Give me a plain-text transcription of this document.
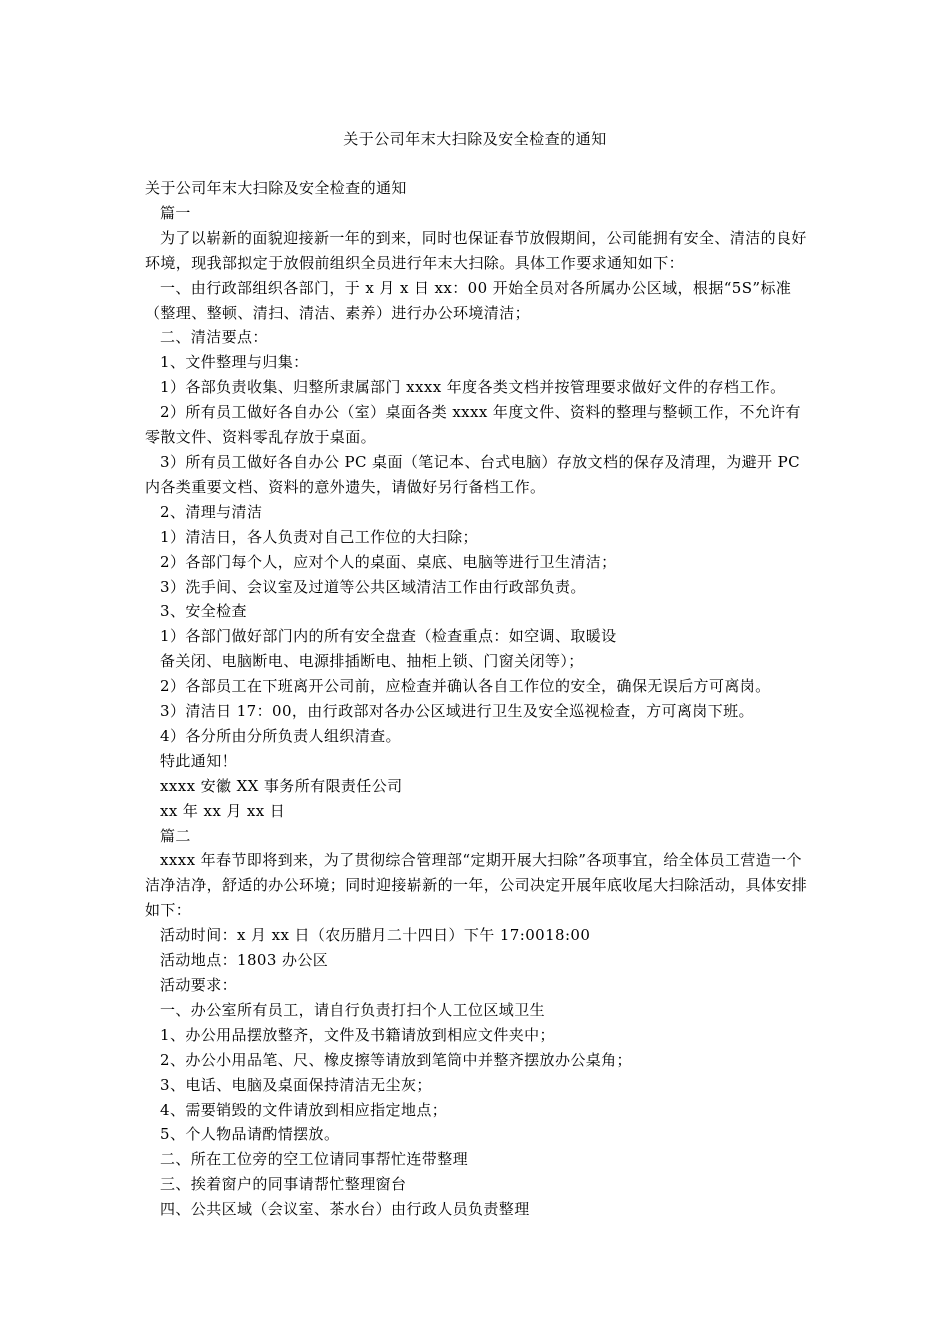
关于公司年末大扫除及安全检查的通知

关于公司年末大扫除及安全检查的通知

篇一

为了以崭新的面貌迎接新一年的到来，同时也保证春节放假期间，公司能拥有安全、清洁的良好环境，现我部拟定于放假前组织全员进行年末大扫除。具体工作要求通知如下：

一、由行政部组织各部门，于 x 月 x 日 xx：00 开始全员对各所属办公区域，根据“5S”标准（整理、整顿、清扫、清洁、素养）进行办公环境清洁；

二、清洁要点：

1、文件整理与归集：

1）各部负责收集、归整所隶属部门 xxxx 年度各类文档并按管理要求做好文件的存档工作。

2）所有员工做好各自办公（室）桌面各类 xxxx 年度文件、资料的整理与整顿工作，不允许有零散文件、资料零乱存放于桌面。

3）所有员工做好各自办公 PC 桌面（笔记本、台式电脑）存放文档的保存及清理，为避开 PC 内各类重要文档、资料的意外遗失，请做好另行备档工作。

2、清理与清洁

1）清洁日，各人负责对自己工作位的大扫除；

2）各部门每个人，应对个人的桌面、桌底、电脑等进行卫生清洁；

3）洗手间、会议室及过道等公共区域清洁工作由行政部负责。

3、安全检查

1）各部门做好部门内的所有安全盘查（检查重点：如空调、取暖设

备关闭、电脑断电、电源排插断电、抽柜上锁、门窗关闭等）；

2）各部员工在下班离开公司前，应检查并确认各自工作位的安全，确保无误后方可离岗。

3）清洁日 17：00，由行政部对各办公区域进行卫生及安全巡视检查，方可离岗下班。

4）各分所由分所负责人组织清查。

特此通知！

xxxx 安徽 XX 事务所有限责任公司

xx 年 xx 月 xx 日

篇二

xxxx 年春节即将到来，为了贯彻综合管理部“定期开展大扫除”各项事宜，给全体员工营造一个洁净洁净，舒适的办公环境；同时迎接崭新的一年，公司决定开展年底收尾大扫除活动，具体安排如下：

活动时间：x 月 xx 日（农历腊月二十四日）下午 17:0018:00

活动地点：1803 办公区

活动要求：

一、办公室所有员工，请自行负责打扫个人工位区域卫生

1、办公用品摆放整齐，文件及书籍请放到相应文件夹中；

2、办公小用品笔、尺、橡皮擦等请放到笔筒中并整齐摆放办公桌角；

3、电话、电脑及桌面保持清洁无尘灰；

4、需要销毁的文件请放到相应指定地点；

5、个人物品请酌情摆放。

二、所在工位旁的空工位请同事帮忙连带整理

三、挨着窗户的同事请帮忙整理窗台

四、公共区域（会议室、茶水台）由行政人员负责整理
